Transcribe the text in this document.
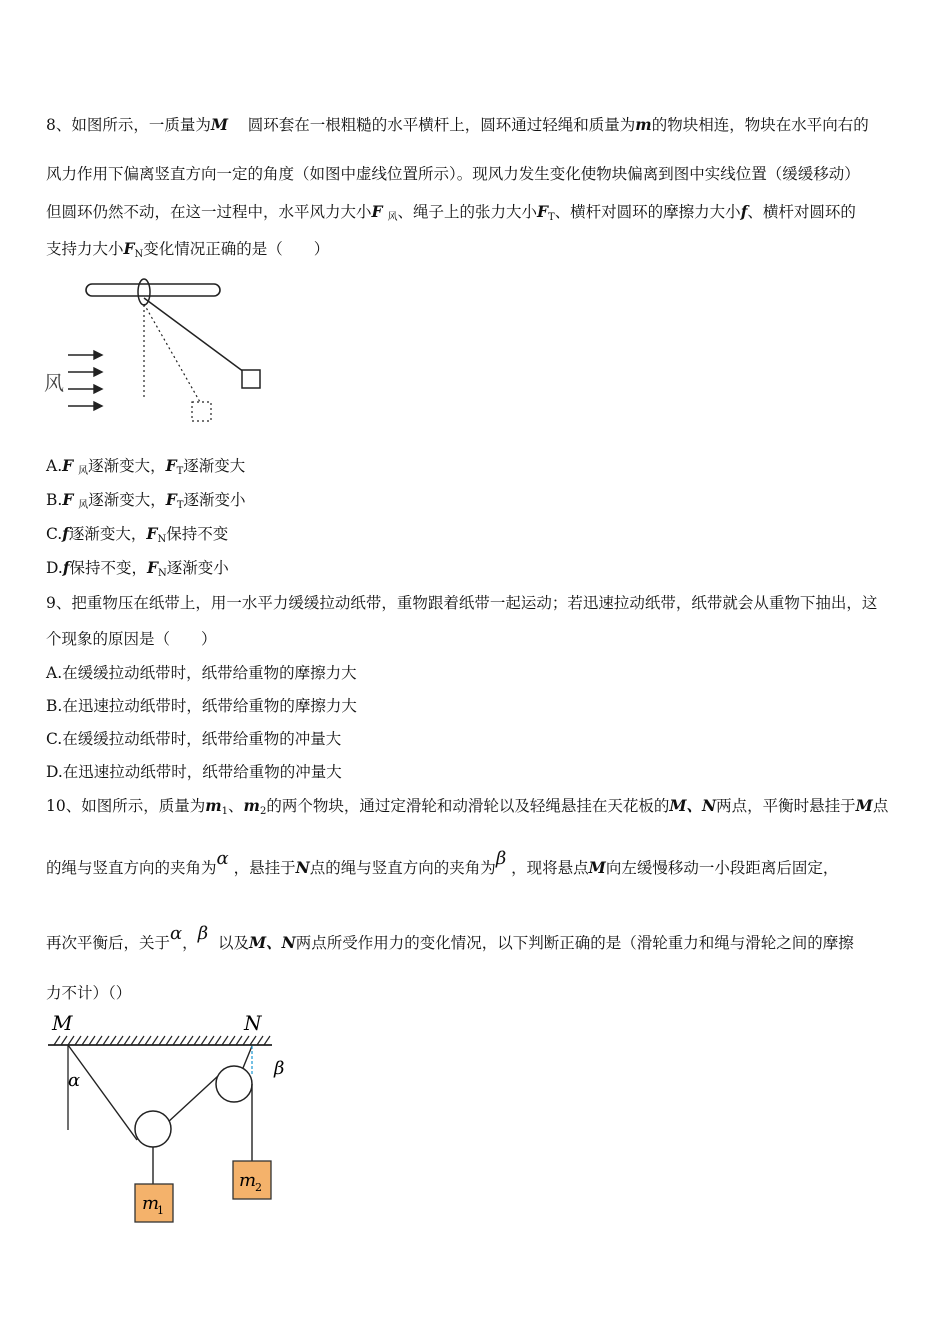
8、如图所示，一质量为M 圆环套在一根粗糙的水平横杆上，圆环通过轻绳和质量为m的物块相连，物块在水平向右的
风力作用下偏离竖直方向一定的角度（如图中虚线位置所示）。现风力发生变化使物块偏离到图中实线位置（缓缓移动）
但圆环仍然不动，在这一过程中，水平风力大小F 风、绳子上的张力大小FT、横杆对圆环的摩擦力大小f、横杆对圆环的
支持力大小FN变化情况正确的是（　　）
风
A.F 风逐渐变大，FT逐渐变大
B.F 风逐渐变大，FT逐渐变小
C.f逐渐变大，FN保持不变
D.f保持不变，FN逐渐变小
9、把重物压在纸带上，用一水平力缓缓拉动纸带，重物跟着纸带一起运动；若迅速拉动纸带，纸带就会从重物下抽出，这
个现象的原因是（　　）
A.在缓缓拉动纸带时，纸带给重物的摩擦力大
B.在迅速拉动纸带时，纸带给重物的摩擦力大
C.在缓缓拉动纸带时，纸带给重物的冲量大
D.在迅速拉动纸带时，纸带给重物的冲量大
10、如图所示，质量为m1、m2的两个物块，通过定滑轮和动滑轮以及轻绳悬挂在天花板的M、N两点，平衡时悬挂于M点
的绳与竖直方向的夹角为α ，悬挂于N点的绳与竖直方向的夹角为β ，现将悬点M向左缓慢移动一小段距离后固定，
再次平衡后，关于α，β 以及M、N两点所受作用力的变化情况，以下判断正确的是（滑轮重力和绳与滑轮之间的摩擦
力不计）（）
M	N
α
β
m
1
m
2
